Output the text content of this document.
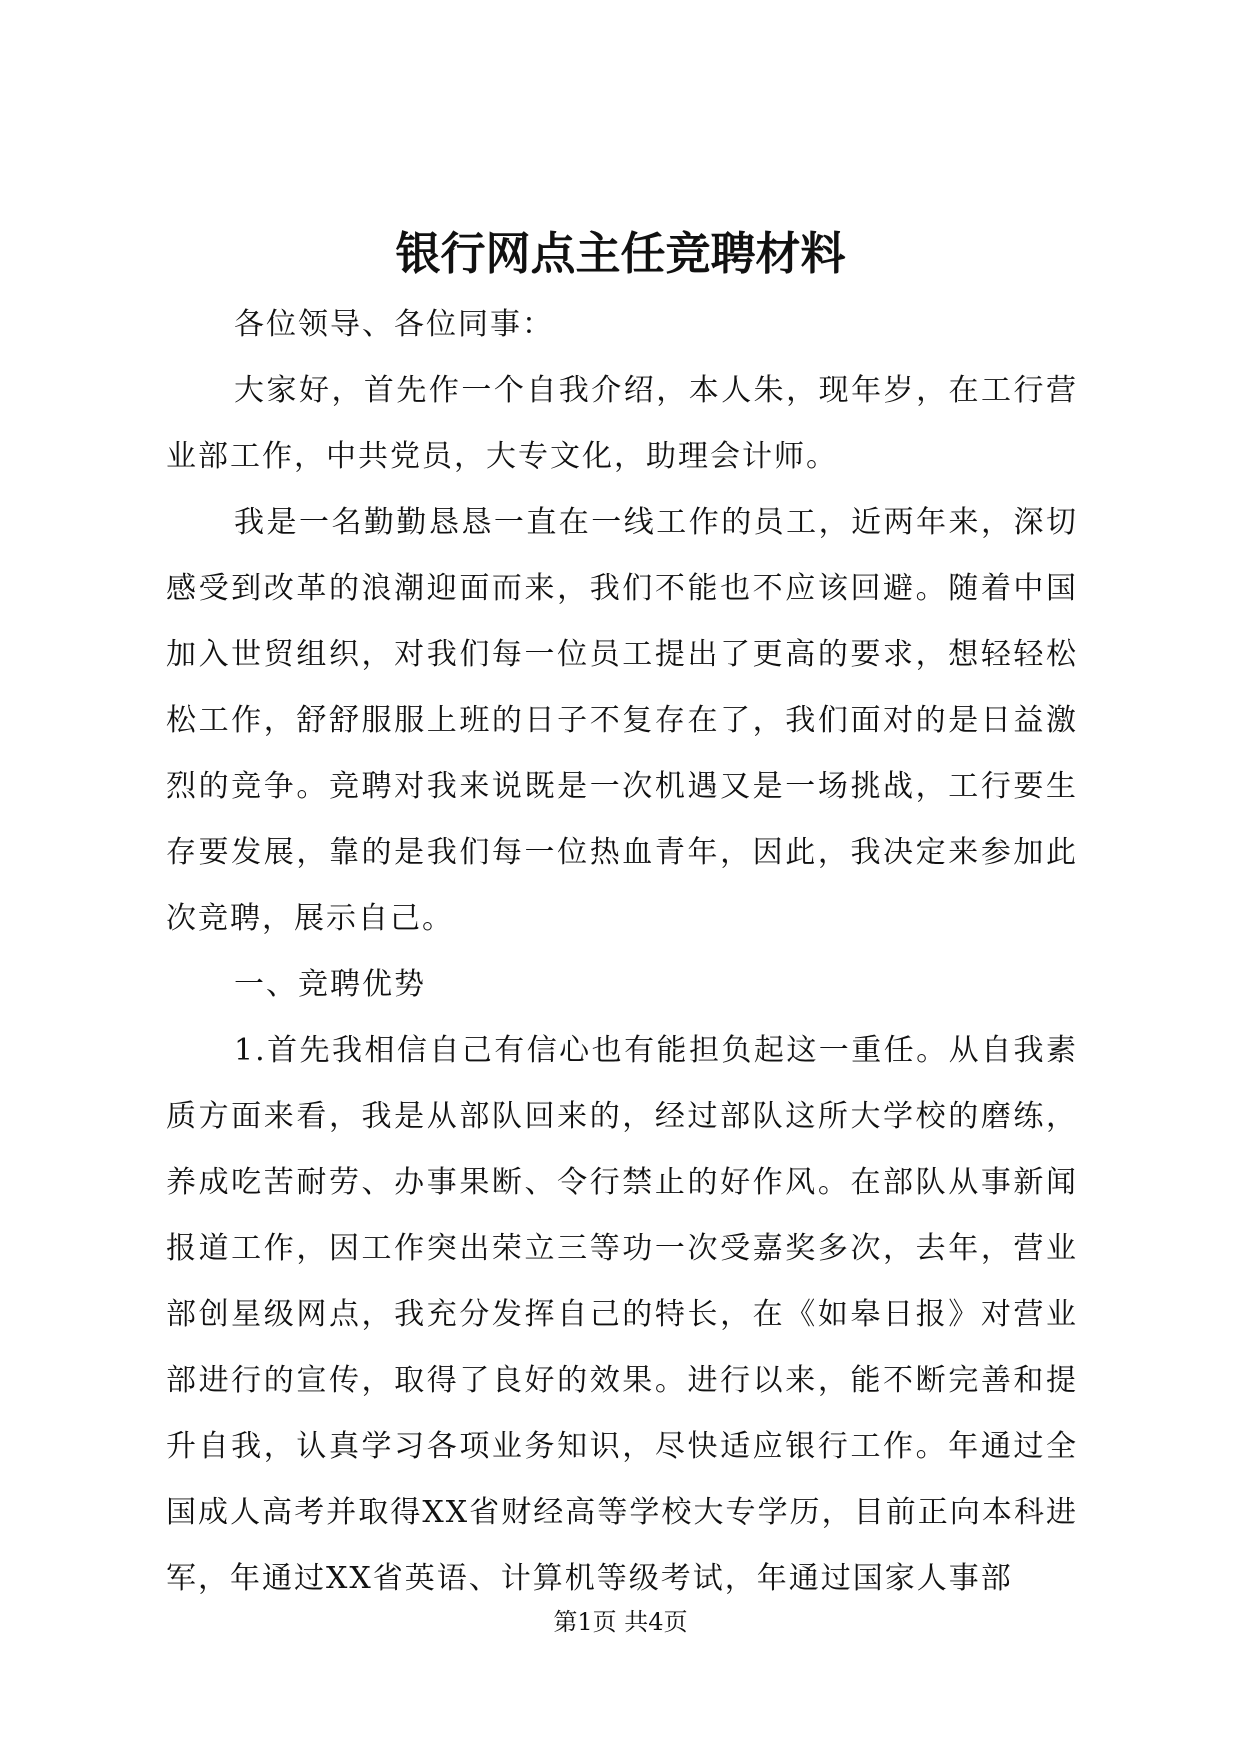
银行网点主任竞聘材料

各位领导、各位同事：

大家好，首先作一个自我介绍，本人朱，现年岁，在工行营业部工作，中共党员，大专文化，助理会计师。

我是一名勤勤恳恳一直在一线工作的员工，近两年来，深切感受到改革的浪潮迎面而来，我们不能也不应该回避。随着中国加入世贸组织，对我们每一位员工提出了更高的要求，想轻轻松松工作，舒舒服服上班的日子不复存在了，我们面对的是日益激烈的竞争。竞聘对我来说既是一次机遇又是一场挑战，工行要生存要发展，靠的是我们每一位热血青年，因此，我决定来参加此次竞聘，展示自己。

一、竞聘优势

1.首先我相信自己有信心也有能担负起这一重任。从自我素质方面来看，我是从部队回来的，经过部队这所大学校的磨练，养成吃苦耐劳、办事果断、令行禁止的好作风。在部队从事新闻报道工作，因工作突出荣立三等功一次受嘉奖多次，去年，营业部创星级网点，我充分发挥自己的特长，在《如皋日报》对营业部进行的宣传，取得了良好的效果。进行以来，能不断完善和提升自我，认真学习各项业务知识，尽快适应银行工作。年通过全国成人高考并取得XX省财经高等学校大专学历，目前正向本科进军，年通过XX省英语、计算机等级考试，年通过国家人事部

第1页 共4页
